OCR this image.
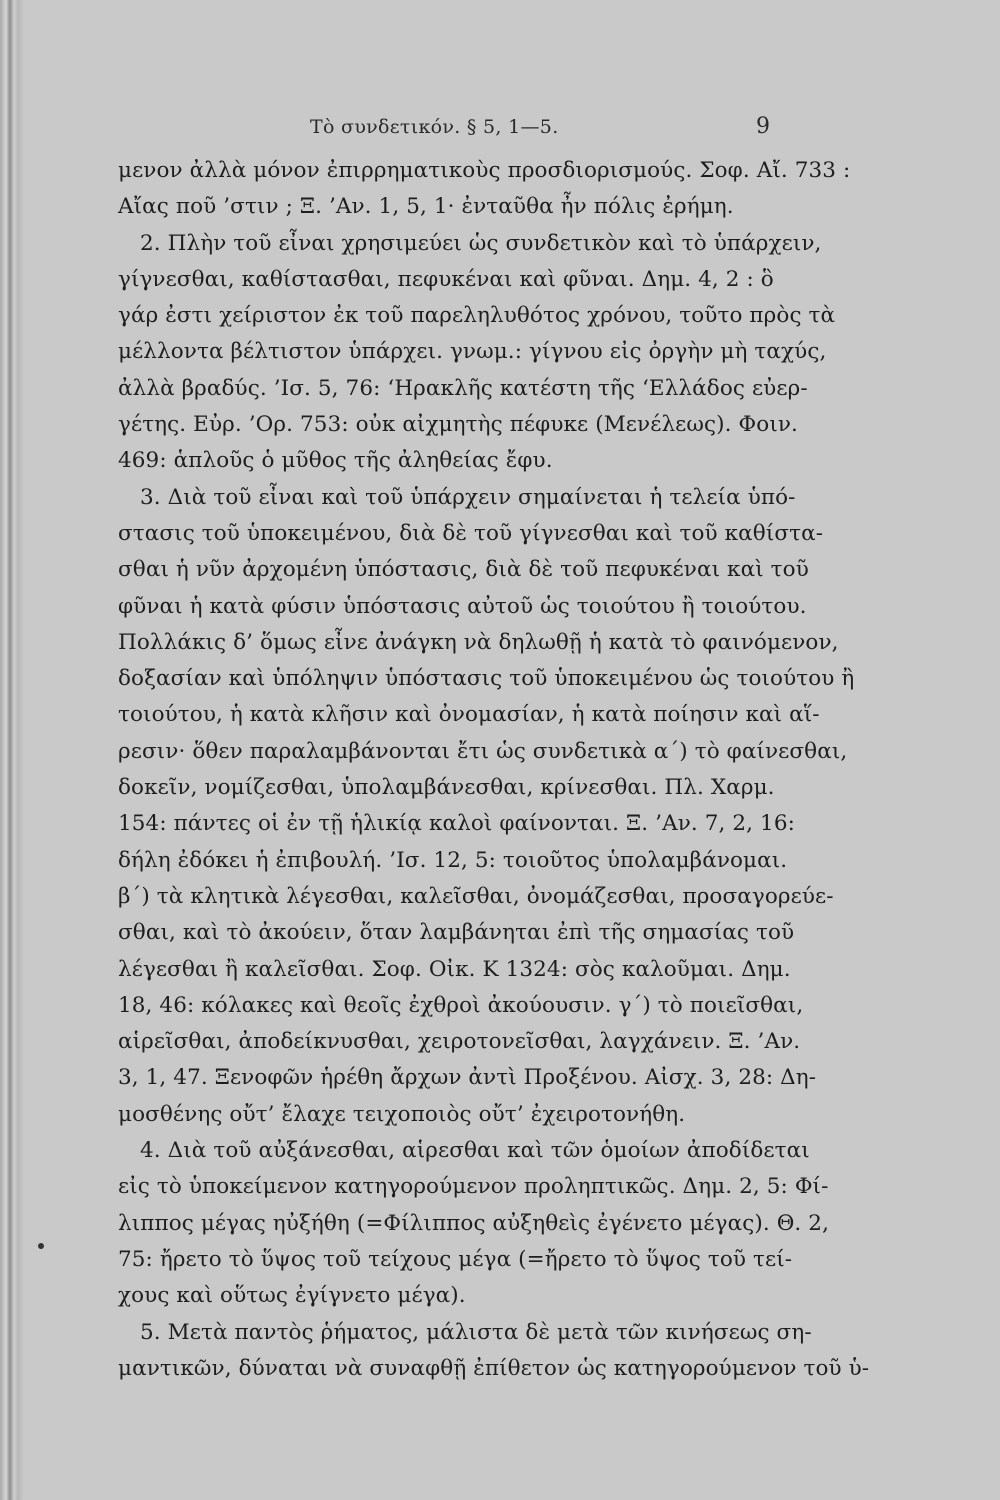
Τὸ συνδετικόν. § 5, 1—5.	9
μενον ἀλλὰ μόνον ἐπιρρηματικοὺς προσδιορισμούς. Σοφ. Αἴ. 733 :
Αἴας ποῦ ’στιν ; Ξ. ’Αν. 1, 5, 1· ἐνταῦθα ἦν πόλις ἐρήμη.
2. Πλὴν τοῦ εἶναι χρησιμεύει ὡς συνδετικὸν καὶ τὸ ὑπάρχειν,
γίγνεσθαι, καθίστασθαι, πεφυκέναι καὶ φῦναι. Δημ. 4, 2 : ὃ
γάρ ἐστι χείριστον ἐκ τοῦ παρεληλυθότος χρόνου, τοῦτο πρὸς τὰ
μέλλοντα βέλτιστον ὑπάρχει. γνωμ.: γίγνου εἰς ὀργὴν μὴ ταχύς,
ἀλλὰ βραδύς. ’Ισ. 5, 76: ‘Ηρακλῆς κατέστη τῆς ‘Ελλάδος εὐερ-
γέτης. Εὐρ. ’Ορ. 753: οὐκ αἰχμητὴς πέφυκε (Μενέλεως). Φοιν.
469: ἁπλοῦς ὁ μῦθος τῆς ἀληθείας ἔφυ.
3. Διὰ τοῦ εἶναι καὶ τοῦ ὑπάρχειν σημαίνεται ἡ τελεία ὑπό-
στασις τοῦ ὑποκειμένου, διὰ δὲ τοῦ γίγνεσθαι καὶ τοῦ καθίστα-
σθαι ἡ νῦν ἀρχομένη ὑπόστασις, διὰ δὲ τοῦ πεφυκέναι καὶ τοῦ
φῦναι ἡ κατὰ φύσιν ὑπόστασις αὐτοῦ ὡς τοιούτου ἢ τοιούτου.
Πολλάκις δ’ ὅμως εἶνε ἀνάγκη νὰ δηλωθῇ ἡ κατὰ τὸ φαινόμενον,
δοξασίαν καὶ ὑπόληψιν ὑπόστασις τοῦ ὑποκειμένου ὡς τοιούτου ἢ
τοιούτου, ἡ κατὰ κλῆσιν καὶ ὀνομασίαν, ἡ κατὰ ποίησιν καὶ αἵ-
ρεσιν· ὅθεν παραλαμβάνονται ἔτι ὡς συνδετικὰ α΄) τὸ φαίνεσθαι,
δοκεῖν, νομίζεσθαι, ὑπολαμβάνεσθαι, κρίνεσθαι. Πλ. Χαρμ.
154: πάντες οἱ ἐν τῇ ἡλικίᾳ καλοὶ φαίνονται. Ξ. ’Αν. 7, 2, 16:
δήλη ἐδόκει ἡ ἐπιβουλή. ’Ισ. 12, 5: τοιοῦτος ὑπολαμβάνομαι.
β΄) τὰ κλητικὰ λέγεσθαι, καλεῖσθαι, ὀνομάζεσθαι, προσαγορεύε-
σθαι, καὶ τὸ ἀκούειν, ὅταν λαμβάνηται ἐπὶ τῆς σημασίας τοῦ
λέγεσθαι ἢ καλεῖσθαι. Σοφ. Οἰκ. Κ 1324: σὸς καλοῦμαι. Δημ.
18, 46: κόλακες καὶ θεοῖς ἐχθροὶ ἀκούουσιν. γ΄) τὸ ποιεῖσθαι,
αἱρεῖσθαι, ἀποδείκνυσθαι, χειροτονεῖσθαι, λαγχάνειν. Ξ. ’Αν.
3, 1, 47. Ξενοφῶν ἡρέθη ἄρχων ἀντὶ Προξένου. Αἰσχ. 3, 28: Δη-
μοσθένης οὔτ’ ἔλαχε τειχοποιὸς οὔτ’ ἐχειροτονήθη.
4. Διὰ τοῦ αὐξάνεσθαι, αἱρεσθαι καὶ τῶν ὁμοίων ἀποδίδεται
εἰς τὸ ὑποκείμενον κατηγορούμενον προληπτικῶς. Δημ. 2, 5: Φί-
λιππος μέγας ηὐξήθη (=Φίλιππος αὐξηθεὶς ἐγένετο μέγας). Θ. 2,
75: ἤρετο τὸ ὕψος τοῦ τείχους μέγα (=ἤρετο τὸ ὕψος τοῦ τεί-
χους καὶ οὕτως ἐγίγνετο μέγα).
5. Μετὰ παντὸς ῥήματος, μάλιστα δὲ μετὰ τῶν κινήσεως ση-
μαντικῶν, δύναται νὰ συναφθῇ ἐπίθετον ὡς κατηγορούμενον τοῦ ὑ-
